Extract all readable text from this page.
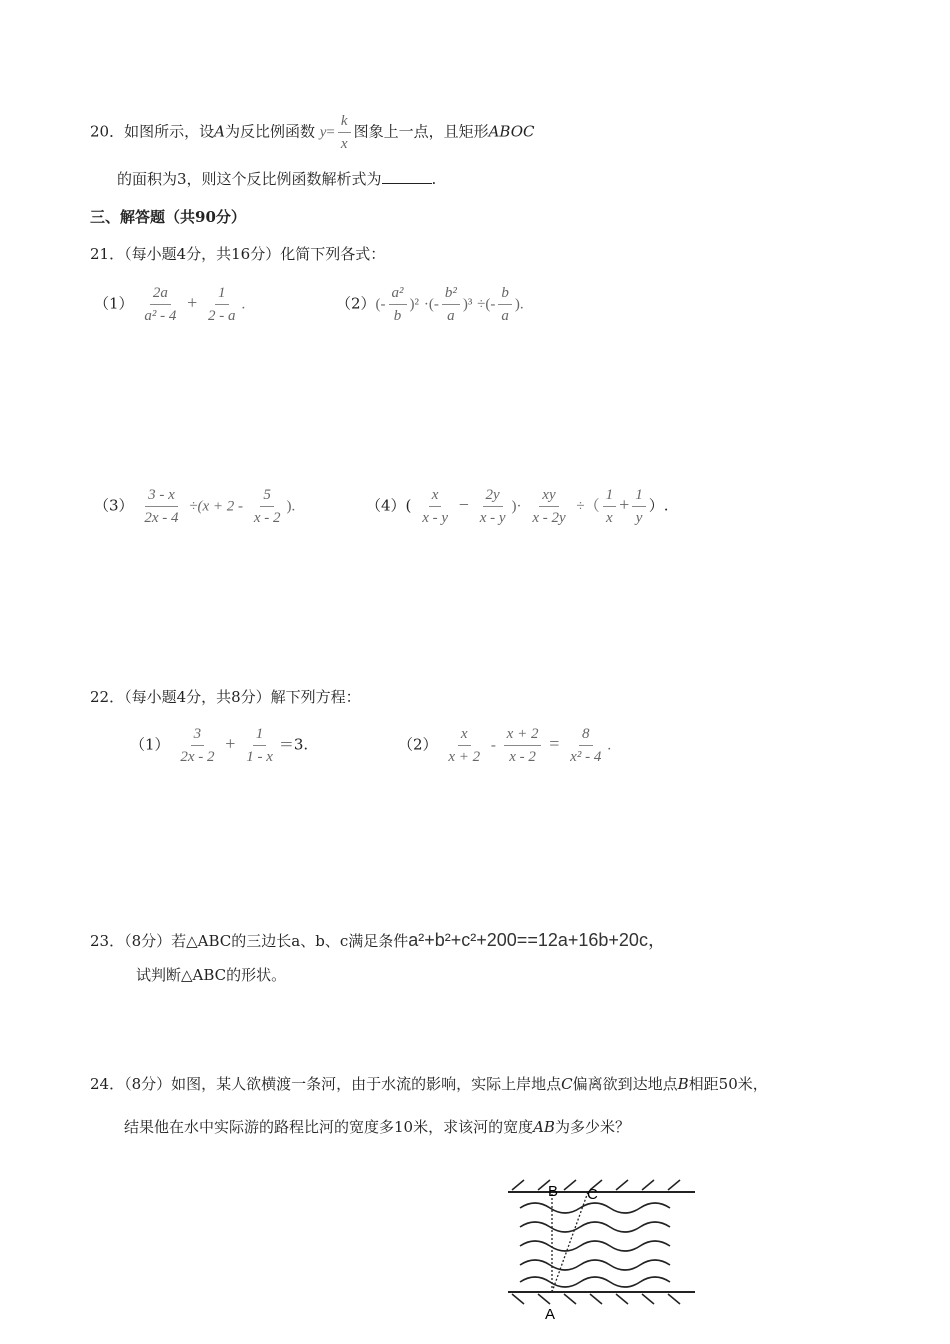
20．如图所示，设A为反比例函数 $y= \frac{k}{x}$ 图象上一点，且矩形ABOC
的面积为3，则这个反比例函数解析式为	.
三、解答题（共90分）
21．（每小题4分，共16分）化简下列各式：
$(1) \frac{2a}{\text{a² - 4}} + \frac{1}{2 - a}$ .	$(2)(- \frac{\text{a²}}{b} )^2$ ·(- $\frac{\text{b²}}{a} )^3$ ÷(- $\frac{b}{a}$ ).
$(3) \frac{3 - x}{2x - 4} \div(x + 2 - \frac{5}{x - 2}$ ).	$(4)( \frac{x}{x - y} - \frac{2y}{x - y}$ )· $\frac{xy}{x - 2y}$ ÷（ $\frac{1}{x} + \frac{1}{y}$ ）.
22．（每小题4分，共8分）解下列方程：
$(1) \frac{3}{2x - 2} + \frac{1}{1 - x} =3$.	$(2) \frac{x}{x + 2} - \frac{x + 2}{x - 2} = \frac{8}{\text{x² - 4}}$ .
23．（8分）若△ABC的三边长a、b、c满足条件a²+b²+c²+200==12a+16b+20c，
试判断△ABC的形状。
24．（8分）如图，某人欲横渡一条河，由于水流的影响，实际上岸地点C偏离欲到达地点B相距50米，
结果他在水中实际游的路程比河的宽度多10米，求该河的宽度AB为多少米？
B C
A
